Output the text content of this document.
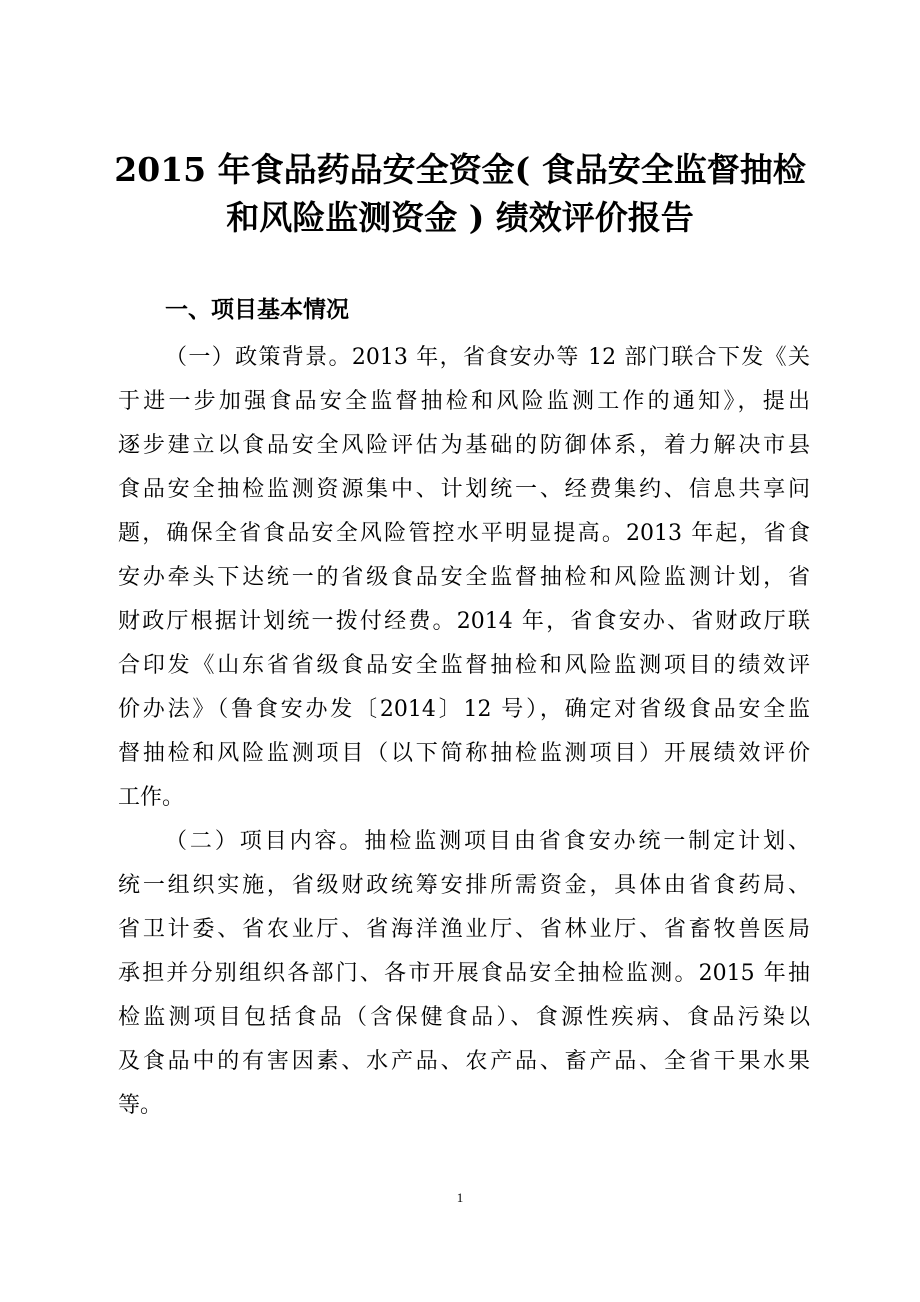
2015 年食品药品安全资金( 食品安全监督抽检
和风险监测资金 ) 绩效评价报告
一、项目基本情况
（一）政策背景。2013 年，省食安办等 12 部门联合下发《关
于进一步加强食品安全监督抽检和风险监测工作的通知》，提出
逐步建立以食品安全风险评估为基础的防御体系，着力解决市县
食品安全抽检监测资源集中、计划统一、经费集约、信息共享问
题，确保全省食品安全风险管控水平明显提高。2013 年起，省食
安办牵头下达统一的省级食品安全监督抽检和风险监测计划，省
财政厅根据计划统一拨付经费。2014 年，省食安办、省财政厅联
合印发《山东省省级食品安全监督抽检和风险监测项目的绩效评
价办法》（鲁食安办发〔2014〕12 号），确定对省级食品安全监
督抽检和风险监测项目（以下简称抽检监测项目）开展绩效评价
工作。
（二）项目内容。抽检监测项目由省食安办统一制定计划、
统一组织实施，省级财政统筹安排所需资金，具体由省食药局、
省卫计委、省农业厅、省海洋渔业厅、省林业厅、省畜牧兽医局
承担并分别组织各部门、各市开展食品安全抽检监测。2015 年抽
检监测项目包括食品（含保健食品）、食源性疾病、食品污染以
及食品中的有害因素、水产品、农产品、畜产品、全省干果水果
等。
1
